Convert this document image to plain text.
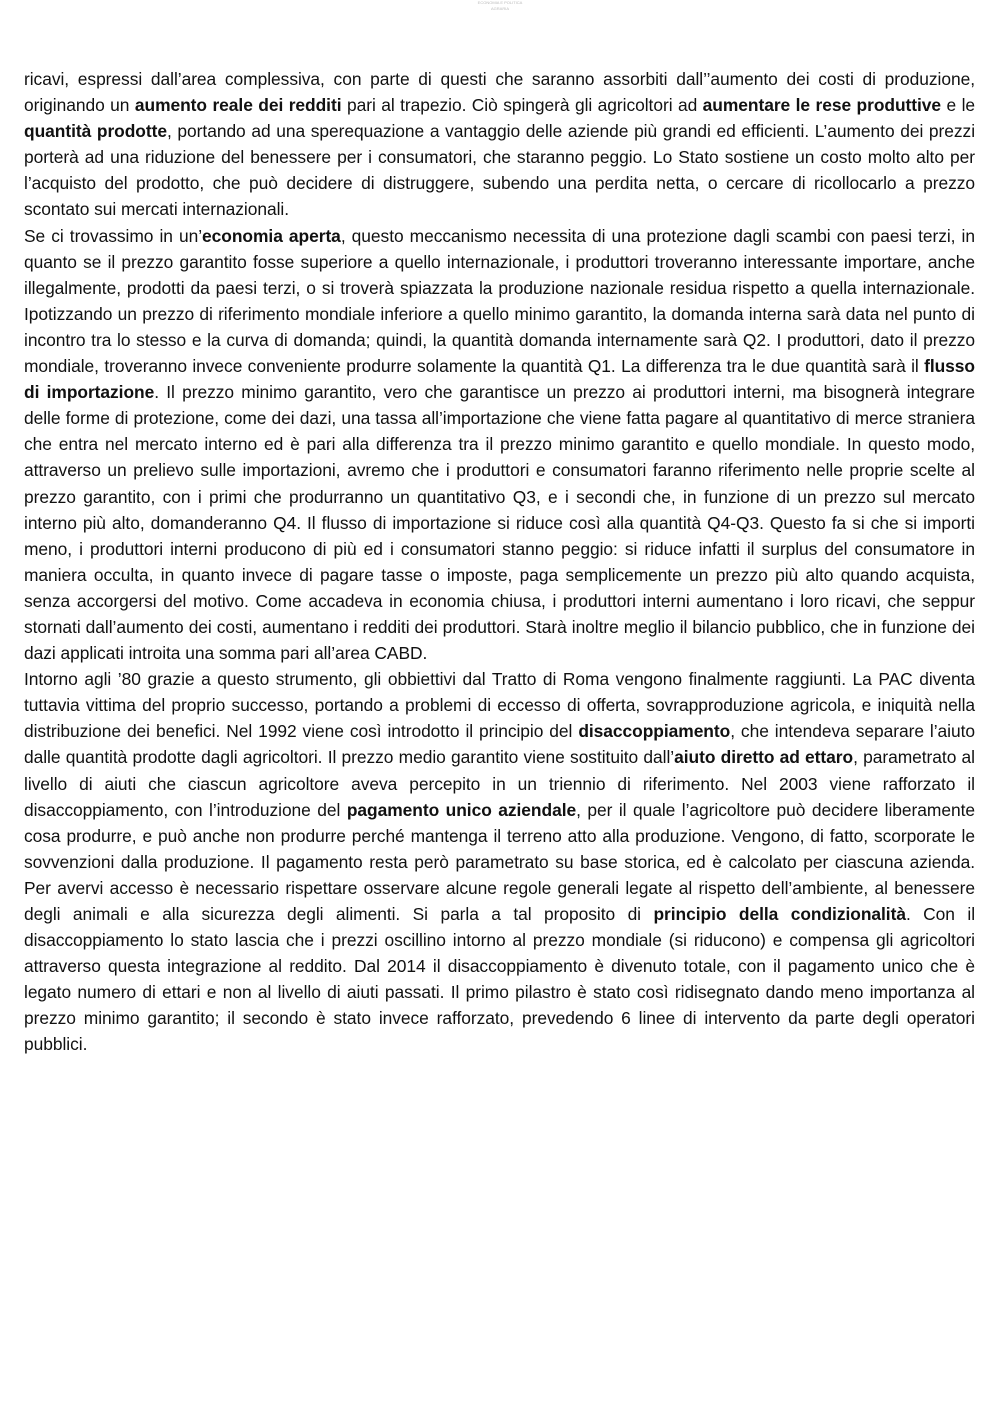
ECONOMIA E POLITICA AGRARIA

ricavi, espressi dall’area complessiva, con parte di questi che saranno assorbiti dall’’aumento dei costi di produzione, originando un aumento reale dei redditi pari al trapezio. Ciò spingerà gli agricoltori ad aumentare le rese produttive e le quantità prodotte, portando ad una sperequazione a vantaggio delle aziende più grandi ed efficienti. L’aumento dei prezzi porterà ad una riduzione del benessere per i consumatori, che staranno peggio. Lo Stato sostiene un costo molto alto per l’acquisto del prodotto, che può decidere di distruggere, subendo una perdita netta, o cercare di ricollocarlo a prezzo scontato sui mercati internazionali.

Se ci trovassimo in un’economia aperta, questo meccanismo necessita di una protezione dagli scambi con paesi terzi, in quanto se il prezzo garantito fosse superiore a quello internazionale, i produttori troveranno interessante importare, anche illegalmente, prodotti da paesi terzi, o si troverà spiazzata la produzione nazionale residua rispetto a quella internazionale. Ipotizzando un prezzo di riferimento mondiale inferiore a quello minimo garantito, la domanda interna sarà data nel punto di incontro tra lo stesso e la curva di domanda; quindi, la quantità domanda internamente sarà Q2. I produttori, dato il prezzo mondiale, troveranno invece conveniente produrre solamente la quantità Q1. La differenza tra le due quantità sarà il flusso di importazione. Il prezzo minimo garantito, vero che garantisce un prezzo ai produttori interni, ma bisognerà integrare delle forme di protezione, come dei dazi, una tassa all’importazione che viene fatta pagare al quantitativo di merce straniera che entra nel mercato interno ed è pari alla differenza tra il prezzo minimo garantito e quello mondiale. In questo modo, attraverso un prelievo sulle importazioni, avremo che i produttori e consumatori faranno riferimento nelle proprie scelte al prezzo garantito, con i primi che produrranno un quantitativo Q3, e i secondi che, in funzione di un prezzo sul mercato interno più alto, domanderanno Q4. Il flusso di importazione si riduce così alla quantità Q4-Q3. Questo fa si che si importi meno, i produttori interni producono di più ed i consumatori stanno peggio: si riduce infatti il surplus del consumatore in maniera occulta, in quanto invece di pagare tasse o imposte, paga semplicemente un prezzo più alto quando acquista, senza accorgersi del motivo. Come accadeva in economia chiusa, i produttori interni aumentano i loro ricavi, che seppur stornati dall’aumento dei costi, aumentano i redditi dei produttori. Starà inoltre meglio il bilancio pubblico, che in funzione dei dazi applicati introita una somma pari all’area CABD.

Intorno agli ’80 grazie a questo strumento, gli obbiettivi dal Tratto di Roma vengono finalmente raggiunti. La PAC diventa tuttavia vittima del proprio successo, portando a problemi di eccesso di offerta, sovrapproduzione agricola, e iniquità nella distribuzione dei benefici. Nel 1992 viene così introdotto il principio del disaccoppiamento, che intendeva separare l’aiuto dalle quantità prodotte dagli agricoltori. Il prezzo medio garantito viene sostituito dall’aiuto diretto ad ettaro, parametrato al livello di aiuti che ciascun agricoltore aveva percepito in un triennio di riferimento. Nel 2003 viene rafforzato il disaccoppiamento, con l’introduzione del pagamento unico aziendale, per il quale l’agricoltore può decidere liberamente cosa produrre, e può anche non produrre perché mantenga il terreno atto alla produzione. Vengono, di fatto, scorporate le sovvenzioni dalla produzione. Il pagamento resta però parametrato su base storica, ed è calcolato per ciascuna azienda. Per avervi accesso è necessario rispettare osservare alcune regole generali legate al rispetto dell’ambiente, al benessere degli animali e alla sicurezza degli alimenti. Si parla a tal proposito di principio della condizionalità. Con il disaccoppiamento lo stato lascia che i prezzi oscillino intorno al prezzo mondiale (si riducono) e compensa gli agricoltori attraverso questa integrazione al reddito. Dal 2014 il disaccoppiamento è divenuto totale, con il pagamento unico che è legato numero di ettari e non al livello di aiuti passati. Il primo pilastro è stato così ridisegnato dando meno importanza al prezzo minimo garantito; il secondo è stato invece rafforzato, prevedendo 6 linee di intervento da parte degli operatori pubblici.
